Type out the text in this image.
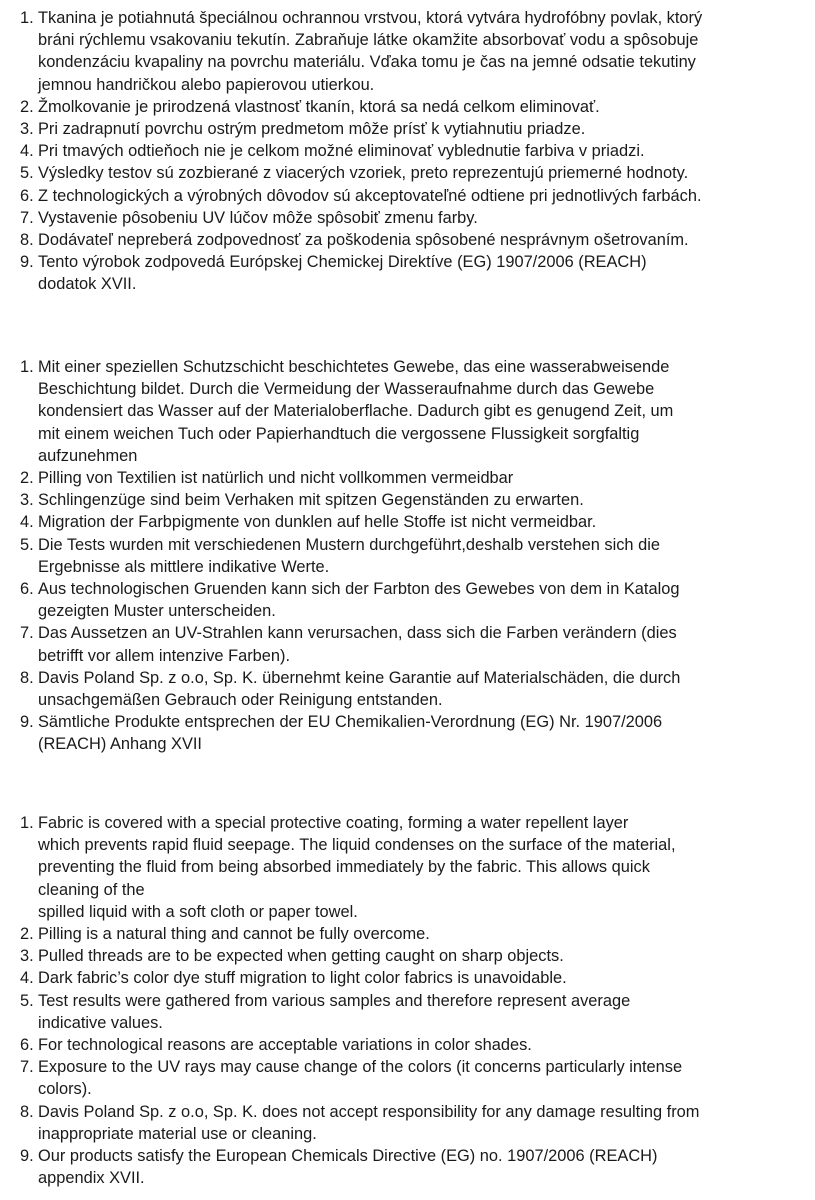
1. Tkanina je potiahnutá špeciálnou ochrannou vrstvou, ktorá vytvára hydrofóbny povlak, ktorý
bráni rýchlemu vsakovaniu tekutín. Zabraňuje látke okamžite absorbovať vodu a spôsobuje
kondenzáciu kvapaliny na povrchu materiálu. Vďaka tomu je čas na jemné odsatie tekutiny
jemnou handričkou alebo papierovou utierkou.
2. Žmolkovanie je prirodzená vlastnosť tkanín, ktorá sa nedá celkom eliminovať.
3. Pri zadrapnutí povrchu ostrým predmetom môže prísť k vytiahnutiu priadze.
4. Pri tmavých odtieňoch nie je celkom možné eliminovať vyblednutie farbiva v priadzi.
5. Výsledky testov sú zozbierané z viacerých vzoriek, preto reprezentujú priemerné hodnoty.
6. Z technologických a výrobných dôvodov sú akceptovateľné odtiene pri jednotlivých farbách.
7. Vystavenie pôsobeniu UV lúčov môže spôsobiť zmenu farby.
8. Dodávateľ nepreberá zodpovednosť za poškodenia spôsobené nesprávnym ošetrovaním.
9. Tento výrobok zodpovedá Európskej Chemickej Direktíve (EG) 1907/2006 (REACH)
dodatok XVII.
1. Mit einer speziellen Schutzschicht beschichtetes Gewebe, das eine wasserabweisende
Beschichtung bildet. Durch die Vermeidung der Wasseraufnahme durch das Gewebe
kondensiert das Wasser auf der Materialoberflache. Dadurch gibt es genugend Zeit, um
mit einem weichen Tuch oder Papierhandtuch die vergossene Flussigkeit sorgfaltig
aufzunehmen
2. Pilling von Textilien ist natürlich und nicht vollkommen vermeidbar
3. Schlingenzüge sind beim Verhaken mit spitzen Gegenständen zu erwarten.
4. Migration der Farbpigmente von dunklen auf helle Stoffe ist nicht vermeidbar.
5. Die Tests wurden mit verschiedenen Mustern durchgeführt,deshalb verstehen sich die
Ergebnisse als mittlere indikative Werte.
6. Aus technologischen Gruenden kann sich der Farbton des Gewebes von dem in Katalog
gezeigten Muster unterscheiden.
7. Das Aussetzen an UV-Strahlen kann verursachen, dass sich die Farben verändern (dies
betrifft vor allem intenzive Farben).
8. Davis Poland Sp. z o.o, Sp. K. übernehmt keine Garantie auf Materialschäden, die durch
unsachgemäßen Gebrauch oder Reinigung entstanden.
9. Sämtliche Produkte entsprechen der EU Chemikalien-Verordnung (EG) Nr. 1907/2006
(REACH) Anhang XVII
1. Fabric is covered with a special protective coating, forming a water repellent layer
which prevents rapid fluid seepage. The liquid condenses on the surface of the material,
preventing the fluid from being absorbed immediately by the fabric. This allows quick
cleaning of the
spilled liquid with a soft cloth or paper towel.
2. Pilling is a natural thing and cannot be fully overcome.
3. Pulled threads are to be expected when getting caught on sharp objects.
4. Dark fabric’s color dye stuff migration to light color fabrics is unavoidable.
5. Test results were gathered from various samples and therefore represent average
indicative values.
6. For technological reasons are acceptable variations in color shades.
7. Exposure to the UV rays may cause change of the colors (it concerns particularly intense
colors).
8. Davis Poland Sp. z o.o, Sp. K. does not accept responsibility for any damage resulting from
inappropriate material use or cleaning.
9. Our products satisfy the European Chemicals Directive (EG) no. 1907/2006 (REACH)
appendix XVII.
